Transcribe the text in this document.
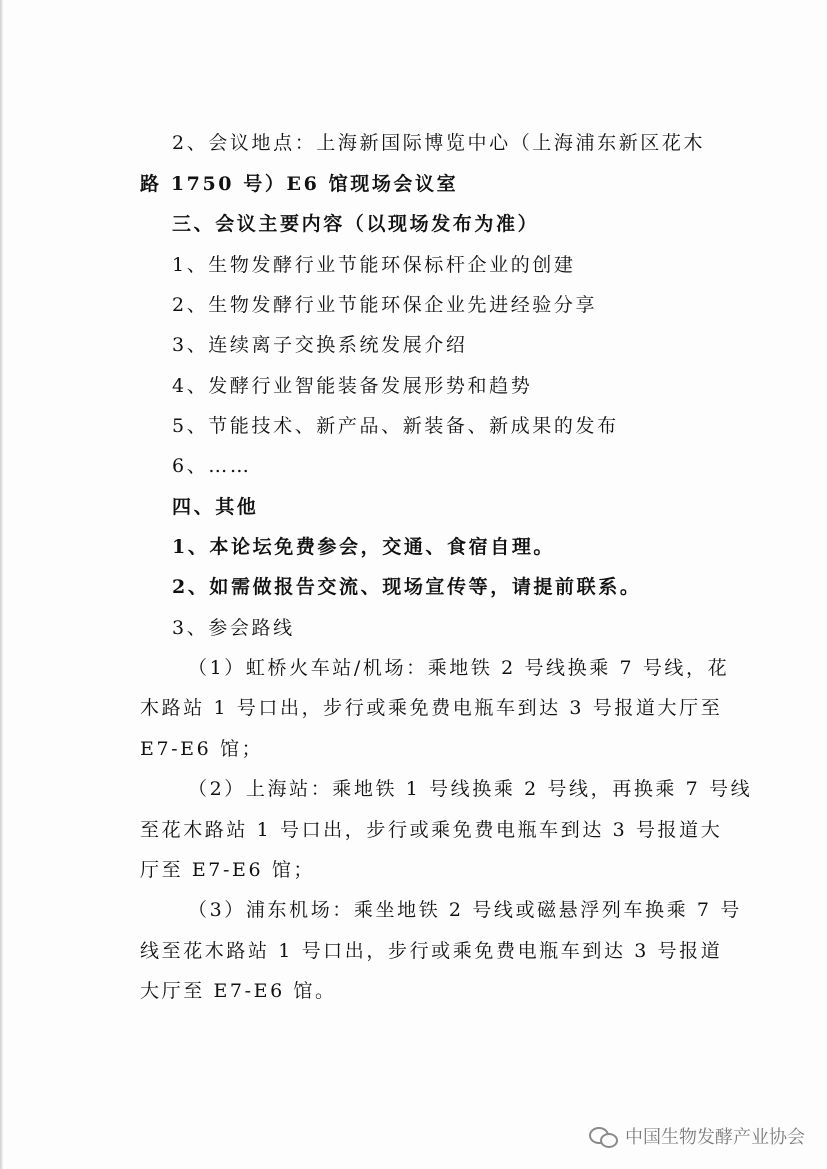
2、会议地点：上海新国际博览中心（上海浦东新区花木
路 1750 号）E6 馆现场会议室
三、会议主要内容（以现场发布为准）
1、生物发酵行业节能环保标杆企业的创建
2、生物发酵行业节能环保企业先进经验分享
3、连续离子交换系统发展介绍
4、发酵行业智能装备发展形势和趋势
5、节能技术、新产品、新装备、新成果的发布
6、……
四、其他
1、本论坛免费参会，交通、食宿自理。
2、如需做报告交流、现场宣传等，请提前联系。
3、参会路线
（1）虹桥火车站/机场：乘地铁 2 号线换乘 7 号线，花
木路站 1 号口出，步行或乘免费电瓶车到达 3 号报道大厅至
E7-E6 馆；
（2）上海站：乘地铁 1 号线换乘 2 号线，再换乘 7 号线
至花木路站 1 号口出，步行或乘免费电瓶车到达 3 号报道大
厅至 E7-E6 馆；
（3）浦东机场：乘坐地铁 2 号线或磁悬浮列车换乘 7 号
线至花木路站 1 号口出，步行或乘免费电瓶车到达 3 号报道
大厅至 E7-E6 馆。
中国生物发酵产业协会
